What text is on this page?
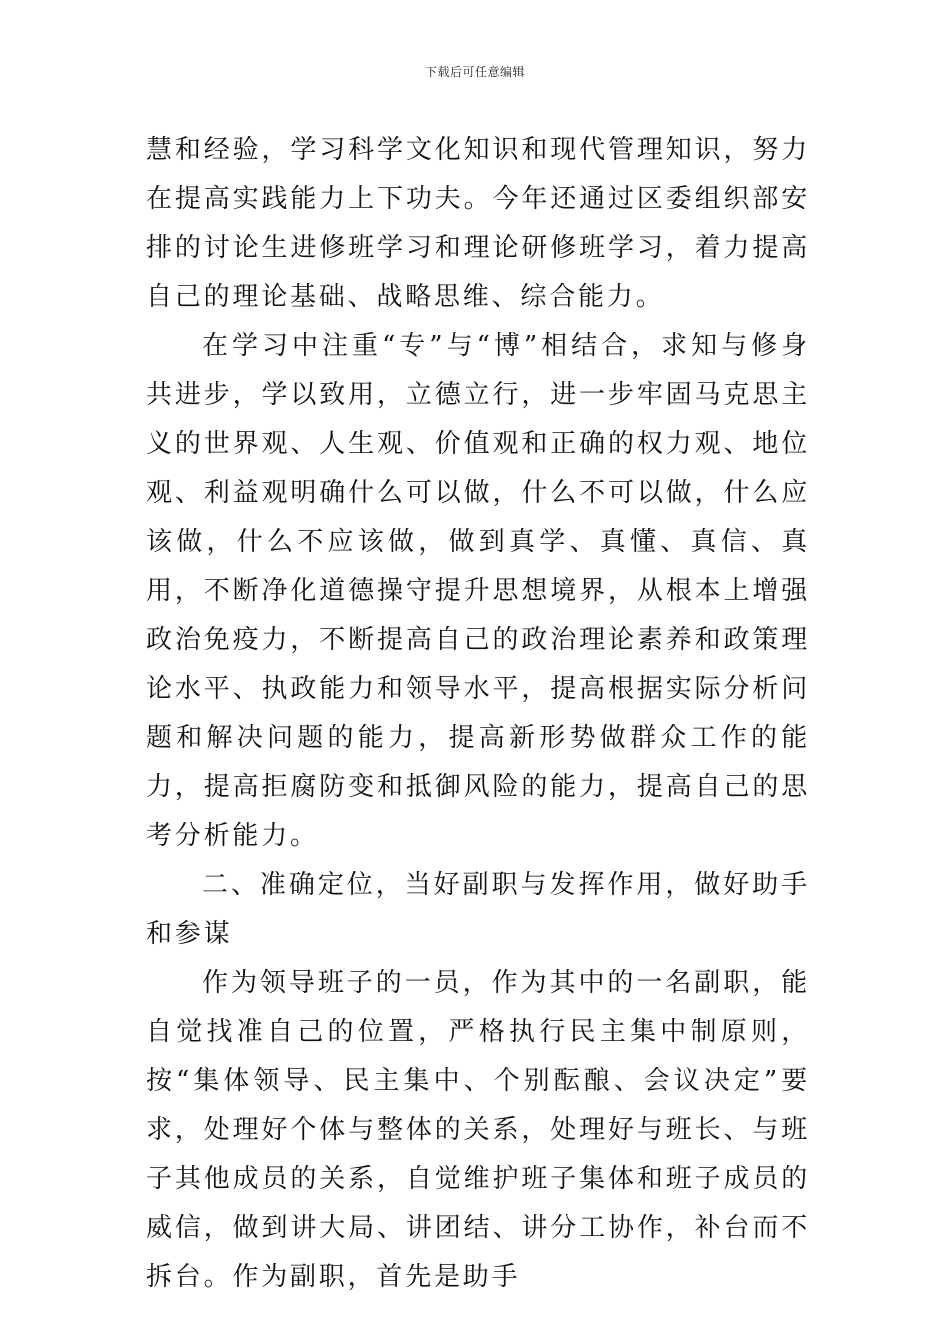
下载后可任意编辑

慧和经验，学习科学文化知识和现代管理知识，努力在提高实践能力上下功夫。今年还通过区委组织部安排的讨论生进修班学习和理论研修班学习，着力提高自己的理论基础、战略思维、综合能力。

在学习中注重“专”与“博”相结合，求知与修身共进步，学以致用，立德立行，进一步牢固马克思主义的世界观、人生观、价值观和正确的权力观、地位观、利益观明确什么可以做，什么不可以做，什么应该做，什么不应该做，做到真学、真懂、真信、真用，不断净化道德操守提升思想境界，从根本上增强政治免疫力，不断提高自己的政治理论素养和政策理论水平、执政能力和领导水平，提高根据实际分析问题和解决问题的能力，提高新形势做群众工作的能力，提高拒腐防变和抵御风险的能力，提高自己的思考分析能力。

二、准确定位，当好副职与发挥作用，做好助手和参谋

作为领导班子的一员，作为其中的一名副职，能自觉找准自己的位置，严格执行民主集中制原则，按“集体领导、民主集中、个别酝酿、会议决定”要求，处理好个体与整体的关系，处理好与班长、与班子其他成员的关系，自觉维护班子集体和班子成员的威信，做到讲大局、讲团结、讲分工协作，补台而不拆台。作为副职，首先是助手
